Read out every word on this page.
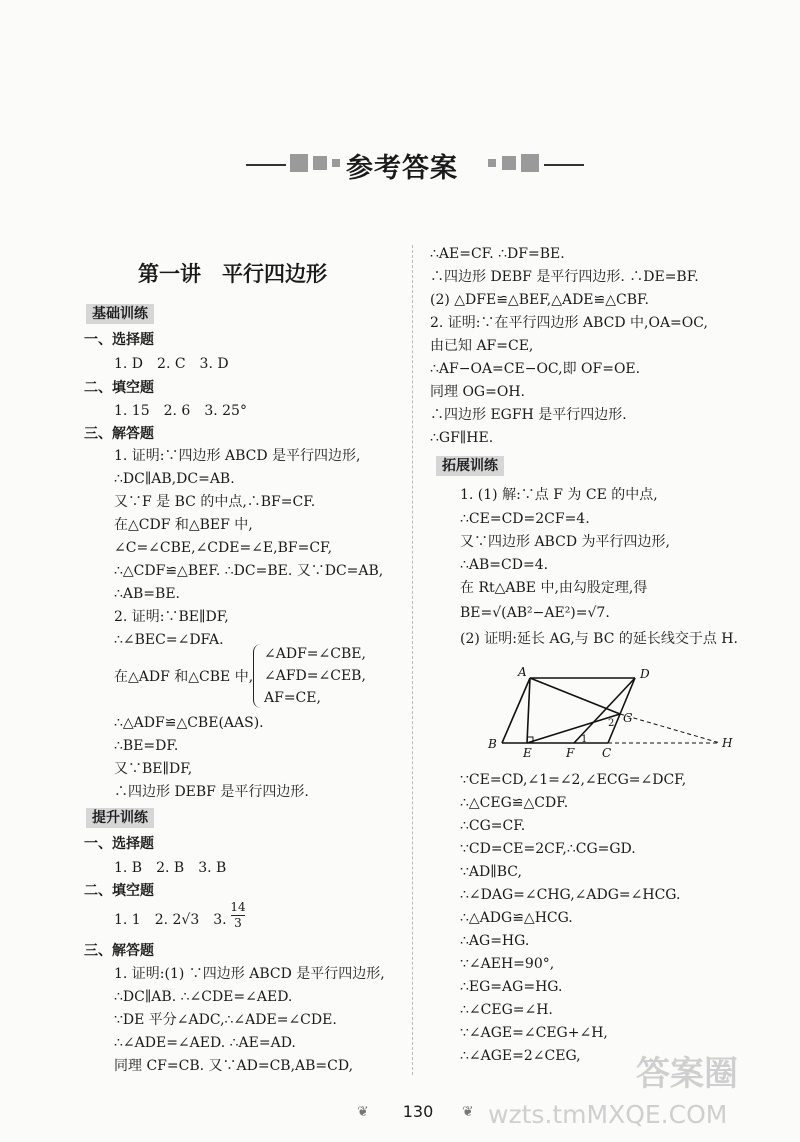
参考答案
第一讲　平行四边形
基础训练
一、选择题
1. D　2. C　3. D
二、填空题
1. 15　2. 6　3. 25°
三、解答题
1. 证明:∵四边形 ABCD 是平行四边形,
∴DC∥AB,DC=AB.
又∵F 是 BC 的中点,∴BF=CF.
在△CDF 和△BEF 中,
∠C=∠CBE,∠CDE=∠E,BF=CF,
∴△CDF≌△BEF. ∴DC=BE. 又∵DC=AB,
∴AB=BE.
2. 证明:∵BE∥DF,
∴∠BEC=∠DFA.
在△ADF 和△CBE 中,
∠ADF=∠CBE,
∠AFD=∠CEB,
AF=CE,
∴△ADF≌△CBE(AAS).
∴BE=DF.
又∵BE∥DF,
∴四边形 DEBF 是平行四边形.
提升训练
一、选择题
1. B　2. B　3. B
二、填空题
1. 1　2. 2√3　3.
14
3
三、解答题
1. 证明:(1) ∵四边形 ABCD 是平行四边形,
∴DC∥AB. ∴∠CDE=∠AED.
∵DE 平分∠ADC,∴∠ADE=∠CDE.
∴∠ADE=∠AED. ∴AE=AD.
同理 CF=CB. 又∵AD=CB,AB=CD,
∴AE=CF. ∴DF=BE.
∴四边形 DEBF 是平行四边形. ∴DE=BF.
(2) △DFE≌△BEF,△ADE≌△CBF.
2. 证明:∵在平行四边形 ABCD 中,OA=OC,
由已知 AF=CE,
∴AF−OA=CE−OC,即 OF=OE.
同理 OG=OH.
∴四边形 EGFH 是平行四边形.
∴GF∥HE.
拓展训练
1. (1) 解:∵点 F 为 CE 的中点,
∴CE=CD=2CF=4.
又∵四边形 ABCD 为平行四边形,
∴AB=CD=4.
在 Rt△ABE 中,由勾股定理,得
BE=√(AB²−AE²)=√7.
(2) 证明:延长 AG,与 BC 的延长线交于点 H.
A	D
B
E	F C
G
H
1
2
∵CE=CD,∠1=∠2,∠ECG=∠DCF,
∴△CEG≌△CDF.
∴CG=CF.
∵CD=CE=2CF,∴CG=GD.
∵AD∥BC,
∴∠DAG=∠CHG,∠ADG=∠HCG.
∴△ADG≌△HCG.
∴AG=HG.
∵∠AEH=90°,
∴EG=AG=HG.
∴∠CEG=∠H.
∵∠AGE=∠CEG+∠H,
∴∠AGE=2∠CEG,
❦	130	❦
答案圈
wzts.tmMXQE.COM
